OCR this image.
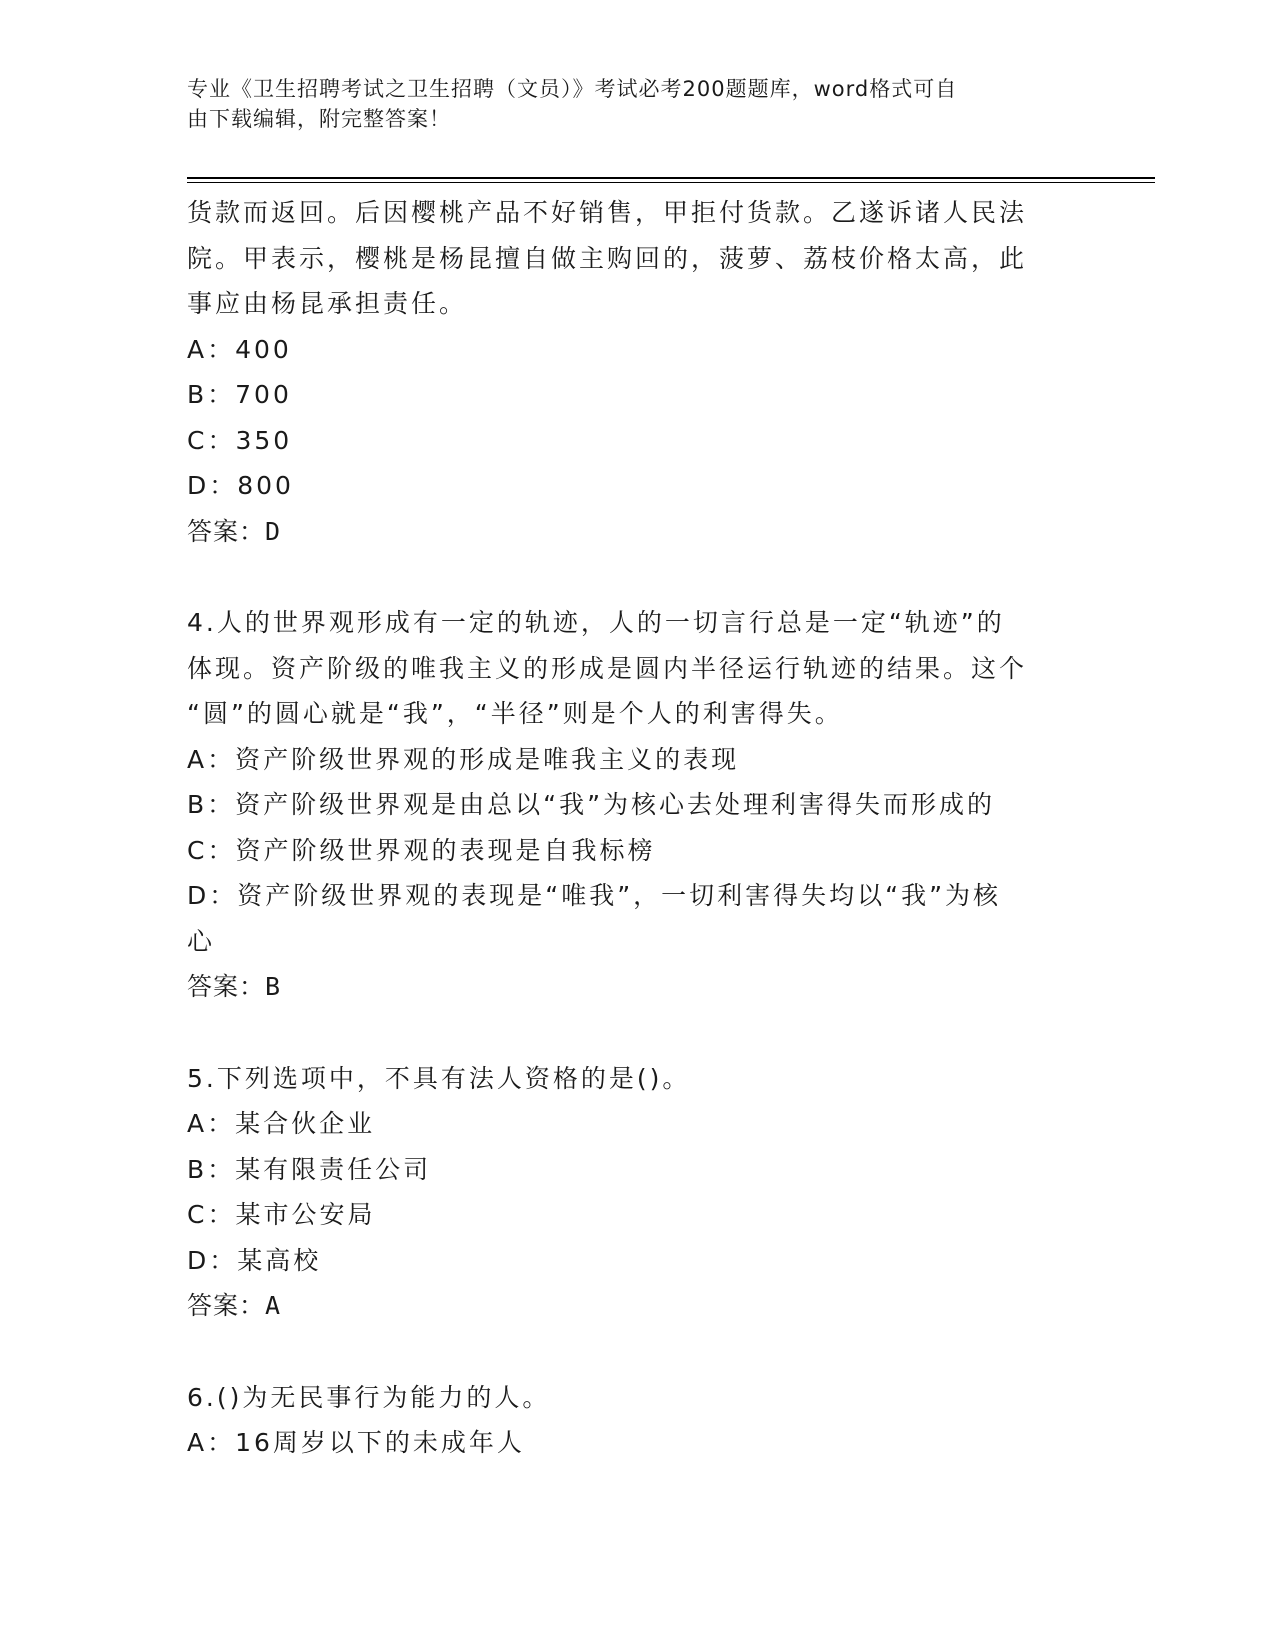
专业《卫生招聘考试之卫生招聘（文员）》考试必考200题题库，word格式可自
由下载编辑，附完整答案！
货款而返回。后因樱桃产品不好销售，甲拒付货款。乙遂诉诸人民法
院。甲表示，樱桃是杨昆擅自做主购回的，菠萝、荔枝价格太高，此
事应由杨昆承担责任。
A：400
B：700
C：350
D：800
答案：D
4.人的世界观形成有一定的轨迹，人的一切言行总是一定“轨迹”的
体现。资产阶级的唯我主义的形成是圆内半径运行轨迹的结果。这个
“圆”的圆心就是“我”，“半径”则是个人的利害得失。
A：资产阶级世界观的形成是唯我主义的表现
B：资产阶级世界观是由总以“我”为核心去处理利害得失而形成的
C：资产阶级世界观的表现是自我标榜
D：资产阶级世界观的表现是“唯我”，一切利害得失均以“我”为核
心
答案：B
5.下列选项中，不具有法人资格的是()。
A：某合伙企业
B：某有限责任公司
C：某市公安局
D：某高校
答案：A
6.()为无民事行为能力的人。
A：16周岁以下的未成年人
